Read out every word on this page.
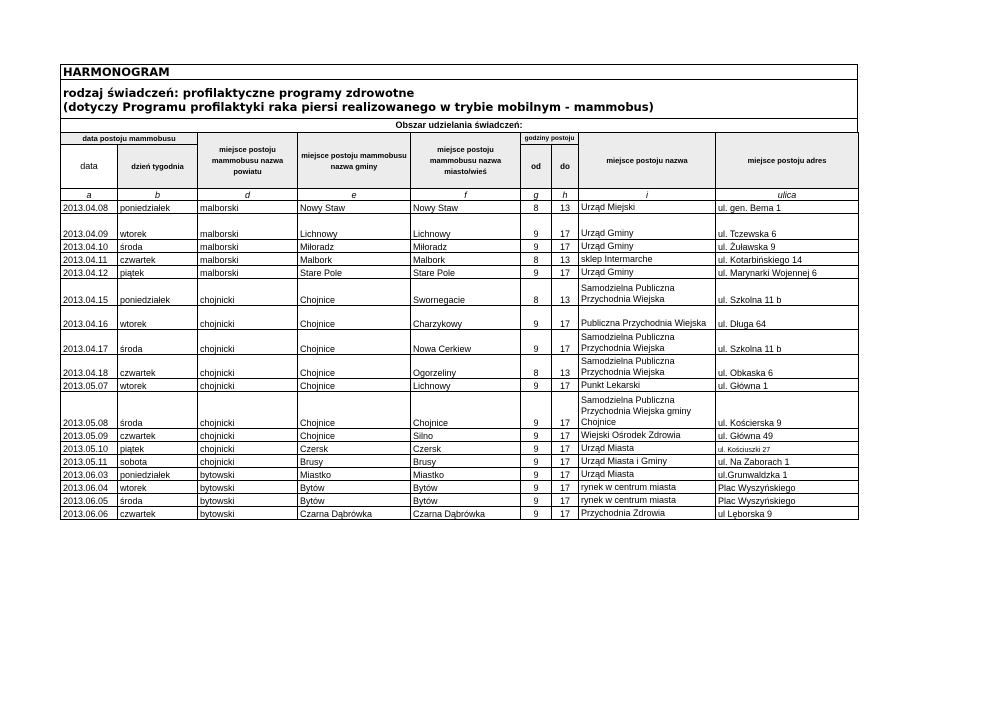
HARMONOGRAM
rodzaj świadczeń: profilaktyczne programy zdrowotne
(dotyczy Programu profilaktyki raka piersi realizowanego w trybie mobilnym - mammobus)
Obszar udzielania świadczeń:
data postoju mammobusu		miejsce postoju mammobusu nazwa powiatu	miejsce postoju mammobusu nazwa gminy	miejsce postoju mammobusu nazwa miasto/wieś	godziny postoju		miejsce postoju nazwa	miejsce postoju adres
data	dzień tygodnia				od	do		
a	b	d	e	f	g	h	i	ulica
2013.04.08	poniedziałek	malborski	Nowy Staw	Nowy Staw	8	13	Urząd Miejski	ul. gen. Bema 1
2013.04.09	wtorek	malborski	Lichnowy	Lichnowy	9	17	Urząd Gminy	ul. Tczewska 6
2013.04.10	środa	malborski	Miłoradz	Miłoradz	9	17	Urząd Gminy	ul. Żuławska 9
2013.04.11	czwartek	malborski	Malbork	Malbork	8	13	sklep Intermarche	ul. Kotarbińskiego 14
2013.04.12	piątek	malborski	Stare Pole	Stare Pole	9	17	Urząd Gminy	ul. Marynarki Wojennej 6
2013.04.15	poniedziałek	chojnicki	Chojnice	Swornegacie	8	13	Samodzielna Publiczna Przychodnia Wiejska	ul. Szkolna 11 b
2013.04.16	wtorek	chojnicki	Chojnice	Charzykowy	9	17	Publiczna Przychodnia Wiejska	ul. Długa 64
2013.04.17	środa	chojnicki	Chojnice	Nowa Cerkiew	9	17	Samodzielna Publiczna Przychodnia Wiejska	ul. Szkolna 11 b
2013.04.18	czwartek	chojnicki	Chojnice	Ogorzeliny	8	13	Samodzielna Publiczna Przychodnia Wiejska	ul. Obkaska 6
2013.05.07	wtorek	chojnicki	Chojnice	Lichnowy	9	17	Punkt Lekarski	ul. Główna 1
2013.05.08	środa	chojnicki	Chojnice	Chojnice	9	17	Samodzielna Publiczna Przychodnia Wiejska gminy Chojnice	ul. Kościerska 9
2013.05.09	czwartek	chojnicki	Chojnice	Silno	9	17	Wiejski Ośrodek Zdrowia	ul. Główna 49
2013.05.10	piątek	chojnicki	Czersk	Czersk	9	17	Urząd Miasta	ul. Kościuszki 27
2013.05.11	sobota	chojnicki	Brusy	Brusy	9	17	Urząd Miasta i Gminy	ul. Na Zaborach 1
2013.06.03	poniedziałek	bytowski	Miastko	Miastko	9	17	Urząd Miasta	ul.Grunwaldzka 1
2013.06.04	wtorek	bytowski	Bytów	Bytów	9	17	rynek w centrum miasta	Plac Wyszyńskiego
2013.06.05	środa	bytowski	Bytów	Bytów	9	17	rynek w centrum miasta	Plac Wyszyńskiego
2013.06.06	czwartek	bytowski	Czarna Dąbrówka	Czarna Dąbrówka	9	17	Przychodnia Zdrowia	ul Lęborska 9
